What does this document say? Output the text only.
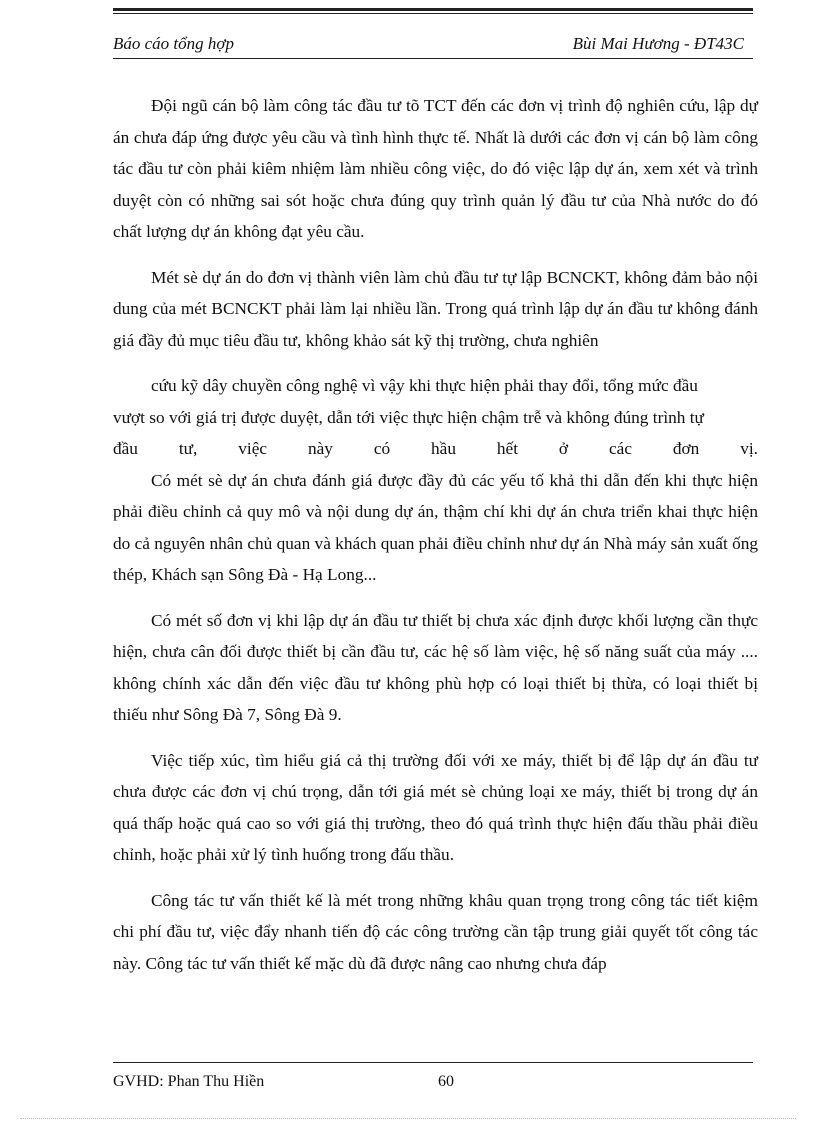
Báo cáo tổng hợp	Bùi Mai Hương - ĐT43C

Đội ngũ cán bộ làm công tác đầu tư tõ TCT đến các đơn vị trình độ nghiên cứu, lập dự án chưa đáp ứng được yêu cầu và tình hình thực tế. Nhất là dưới các đơn vị cán bộ làm công tác đầu tư còn phải kiêm nhiệm làm nhiều công việc, do đó việc lập dự án, xem xét và trình duyệt còn có những sai sót hoặc chưa đúng quy trình quản lý đầu tư của Nhà nước do đó chất lượng dự án không đạt yêu cầu.

Mét sè dự án do đơn vị thành viên làm chủ đầu tư tự lập BCNCKT, không đảm bảo nội dung của mét BCNCKT phải làm lại nhiều lần. Trong quá trình lập dự án đầu tư không đánh giá đầy đủ mục tiêu đầu tư, không khảo sát kỹ thị trường, chưa nghiên

cứu kỹ dây chuyền công nghệ vì vậy khi thực hiện phải thay đổi, tổng mức đầu

vượt so với giá trị được duyệt, dẫn tới việc thực hiện chậm trễ và không đúng trình tự

đầu tư, việc này có hầu hết ở các đơn vị.

Có mét sè dự án chưa đánh giá được đầy đủ các yếu tố khả thi dẫn đến khi thực hiện phải điều chỉnh cả quy mô và nội dung dự án, thậm chí khi dự án chưa triển khai thực hiện do cả nguyên nhân chủ quan và khách quan phải điều chỉnh như dự án Nhà máy sản xuất ống thép, Khách sạn Sông Đà - Hạ Long...

Có mét số đơn vị khi lập dự án đầu tư thiết bị chưa xác định được khối lượng cần thực hiện, chưa cân đối được thiết bị cần đầu tư, các hệ số làm việc, hệ số năng suất của máy .... không chính xác dẫn đến việc đầu tư không phù hợp có loại thiết bị thừa, có loại thiết bị thiếu như Sông Đà 7, Sông Đà 9.

Việc tiếp xúc, tìm hiểu giá cả thị trường đối với xe máy, thiết bị để lập dự án đầu tư chưa được các đơn vị chú trọng, dẫn tới giá mét sè chủng loại xe máy, thiết bị trong dự án quá thấp hoặc quá cao so với giá thị trường, theo đó quá trình thực hiện đấu thầu phải điều chỉnh, hoặc phải xử lý tình huống trong đấu thầu.

Công tác tư vấn thiết kế là mét trong những khâu quan trọng trong công tác tiết kiệm chi phí đầu tư, việc đẩy nhanh tiến độ các công trường cần tập trung giải quyết tốt công tác này. Công tác tư vấn thiết kế mặc dù đã được nâng cao nhưng chưa đáp

GVHD: Phan Thu Hiền	60
